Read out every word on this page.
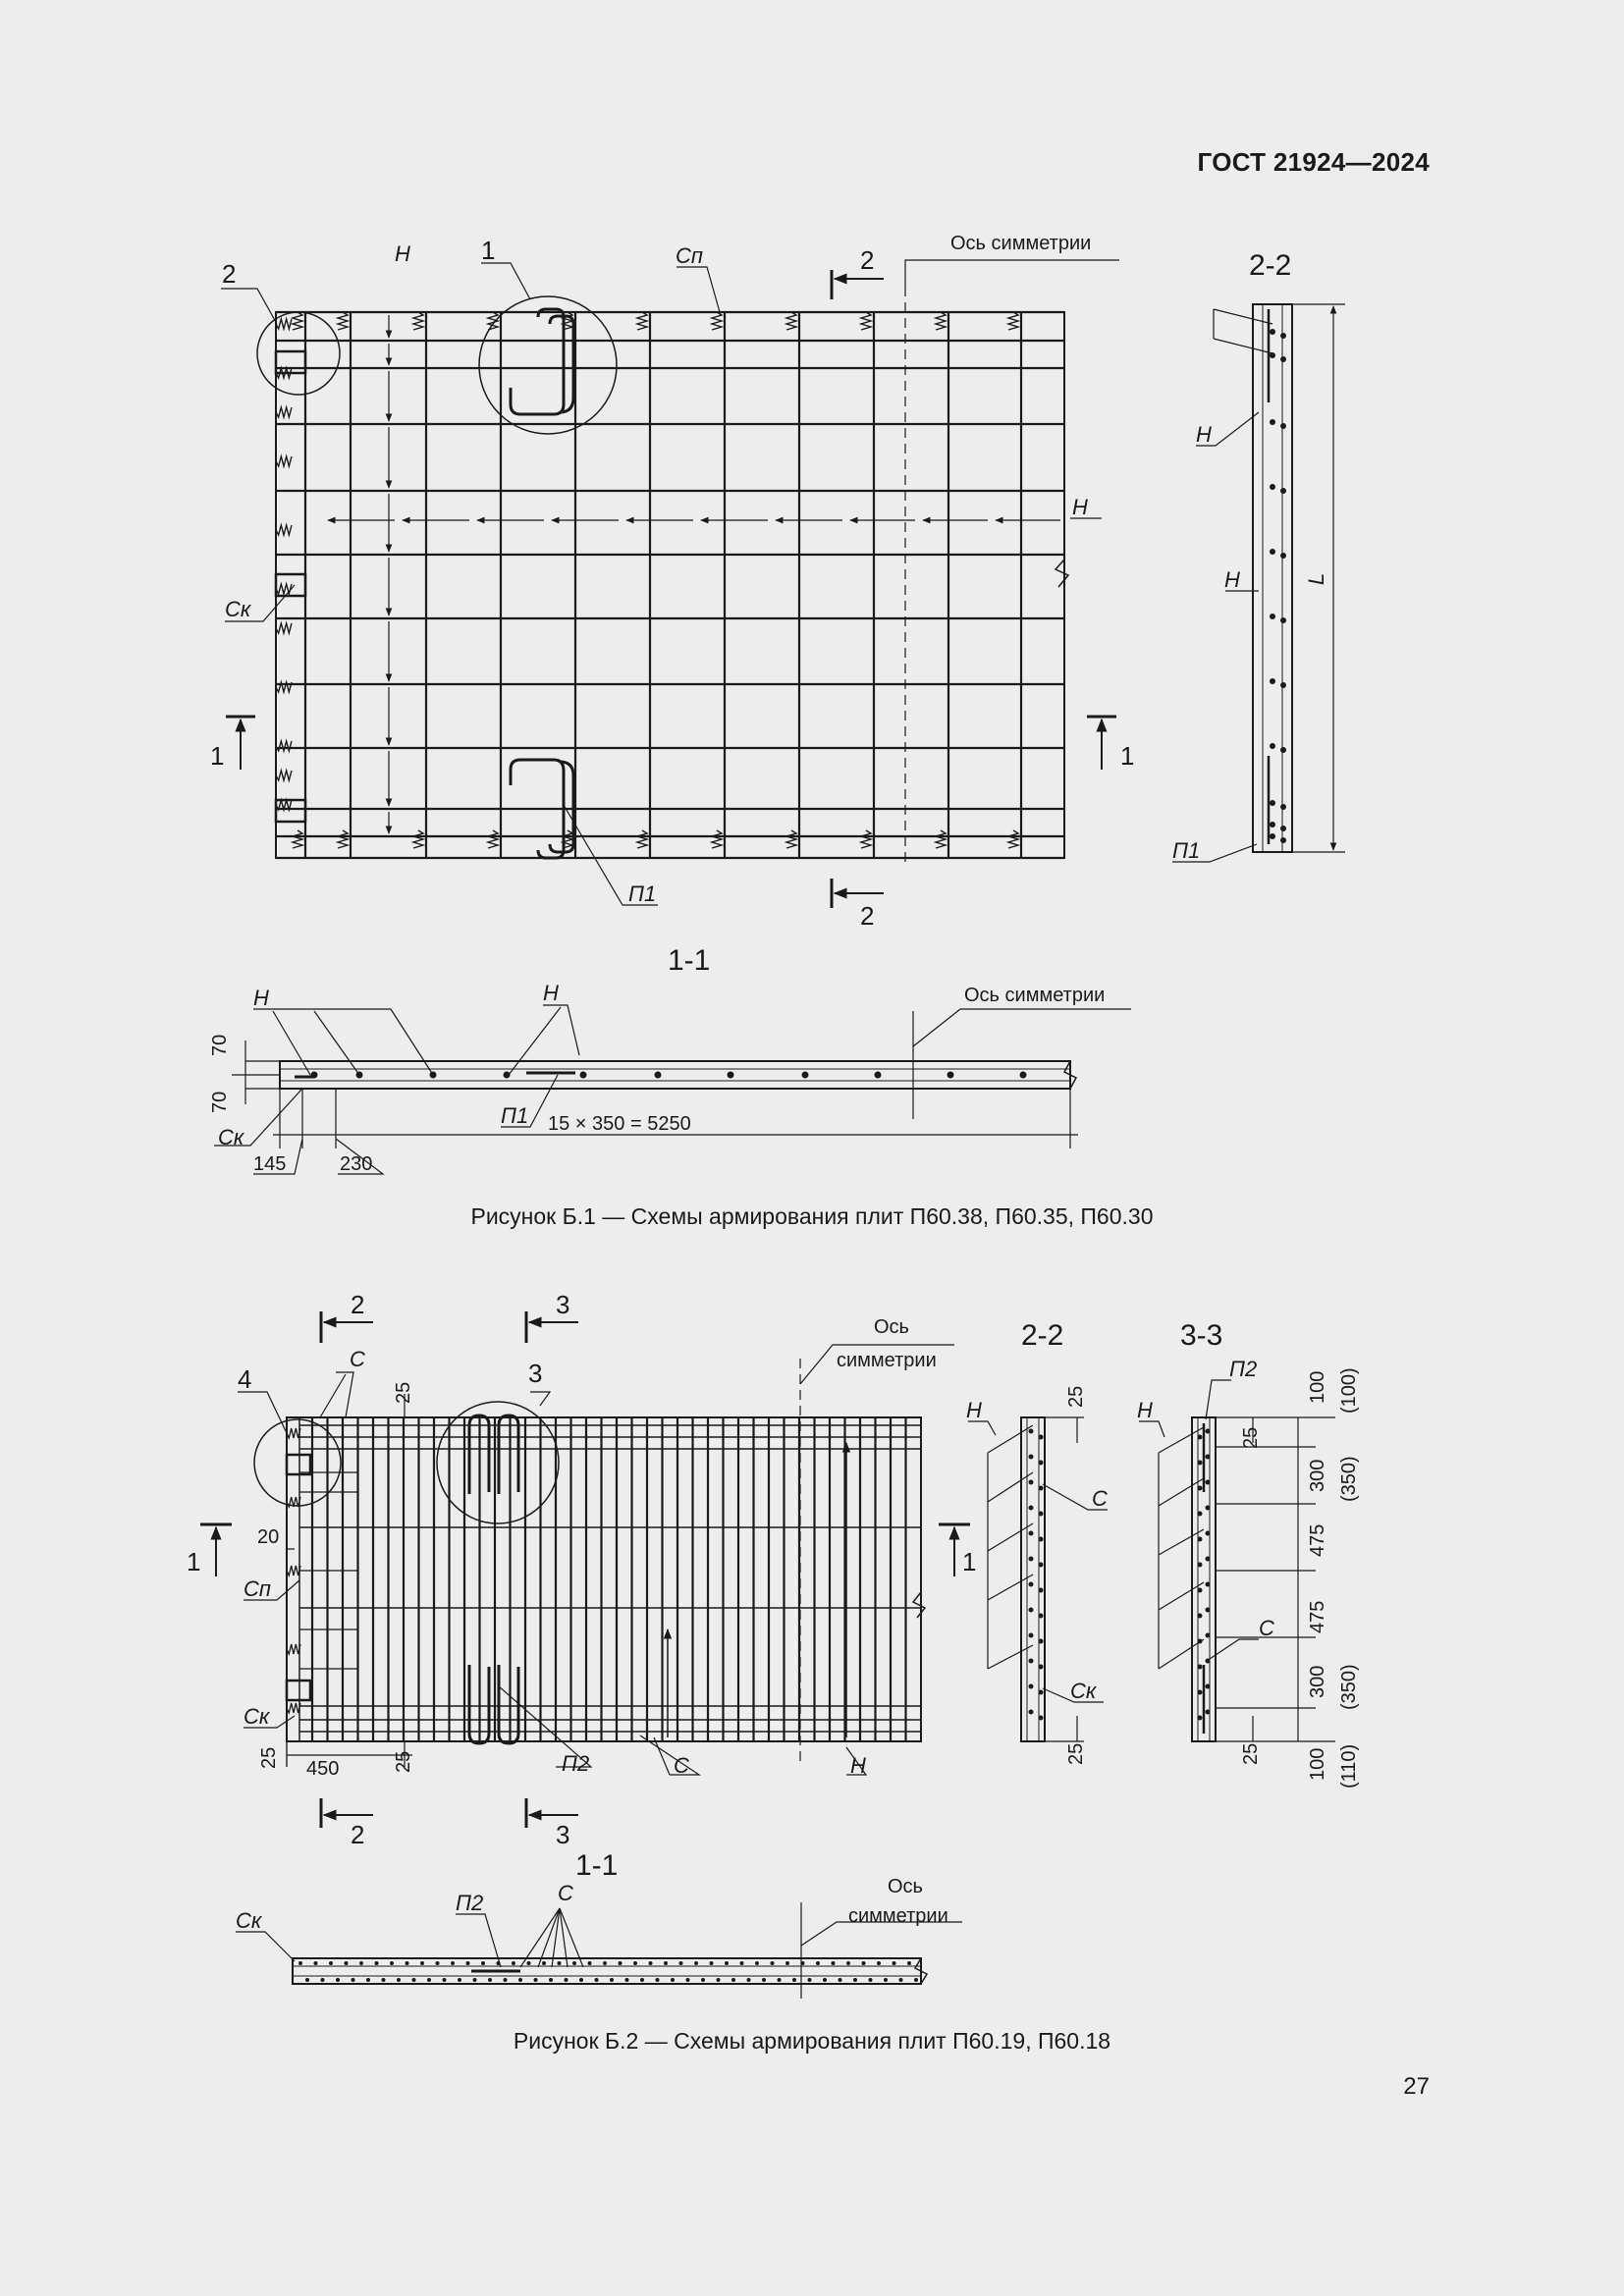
ГОСТ 21924—2024
2
1
Н	Сп	Ось симметрии
2
2
Н
Ск
1	1
П1
2-2
Н
Н	L
П1
1-1
Н	Н	Ось симметрии
70
70
Ск
П1 15 × 350 = 5250
145	230
2	3
Ось
симметрии
4
С
25
3
1	1
20
Сп
Ск
25 450	25	П2	С	Н
2	3
2-2
Н
25
С
Ск
25
3-3
Н
П2
С
100 (100)
25
300 (350)
475
475
300 (350)
25 100 (110)
1-1
Ск
П2	С	Ось
симметрии
Рисунок Б.1 — Схемы армирования плит П60.38, П60.35, П60.30
Рисунок Б.2 — Схемы армирования плит П60.19, П60.18
27
